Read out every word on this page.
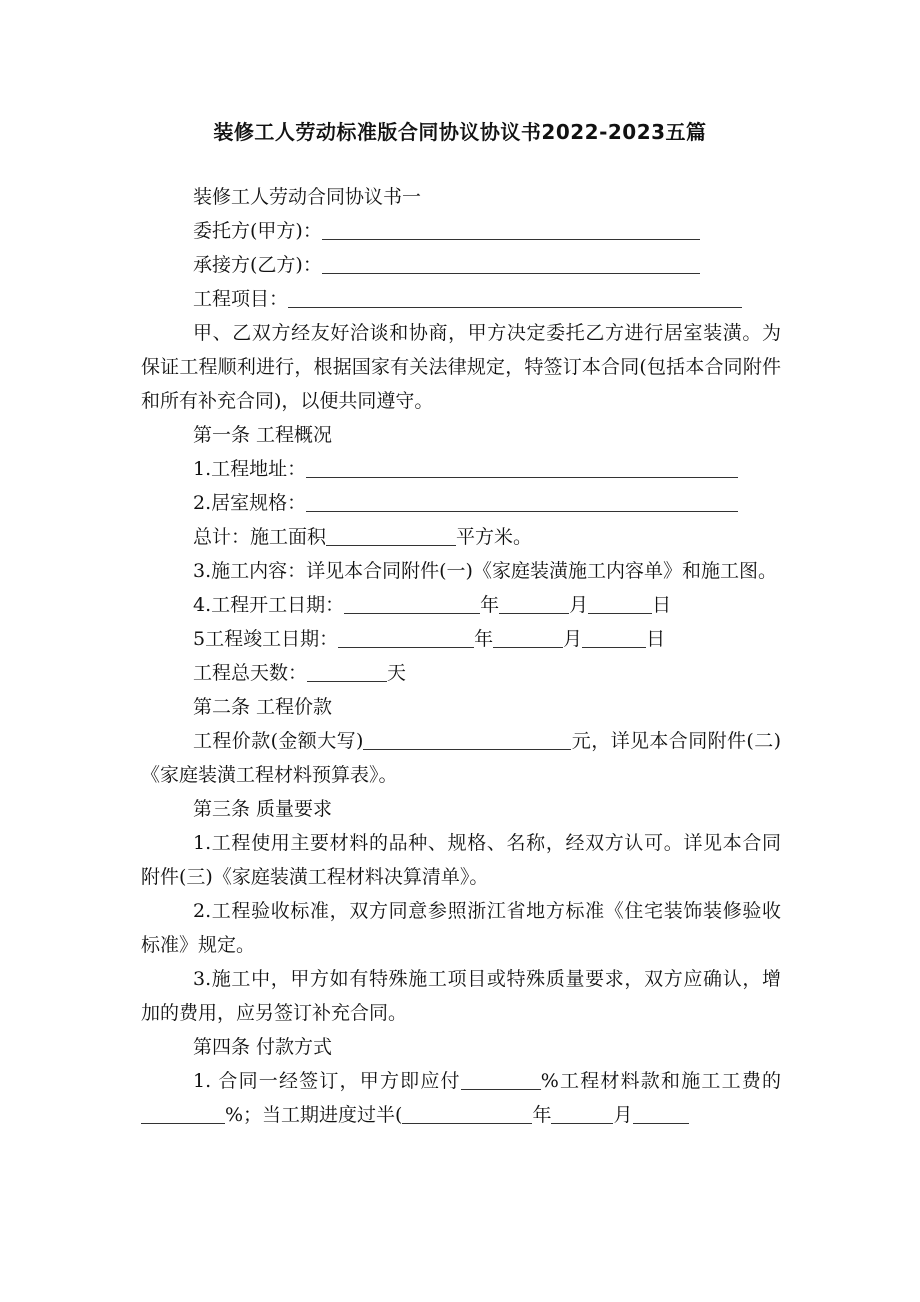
装修工人劳动标准版合同协议协议书2022-2023五篇

装修工人劳动合同协议书一

委托方(甲方)：

承接方(乙方)：

工程项目：

甲、乙双方经友好洽谈和协商，甲方决定委托乙方进行居室装潢。为保证工程顺利进行，根据国家有关法律规定，特签订本合同(包括本合同附件和所有补充合同)，以便共同遵守。

第一条 工程概况

1.工程地址：

2.居室规格：

总计：施工面积	平方米。

3.施工内容：详见本合同附件(一)《家庭装潢施工内容单》和施工图。

4.工程开工日期：	年	月	日

5工程竣工日期：	年	月	日

工程总天数：	天

第二条 工程价款

工程价款(金额大写)	元，详见本合同附件(二)《家庭装潢工程材料预算表》。

第三条 质量要求

1.工程使用主要材料的品种、规格、名称，经双方认可。详见本合同附件(三)《家庭装潢工程材料决算清单》。

2.工程验收标准，双方同意参照浙江省地方标准《住宅装饰装修验收标准》规定。

3.施工中，甲方如有特殊施工项目或特殊质量要求，双方应确认，增加的费用，应另签订补充合同。

第四条 付款方式

1. 合同一经签订，甲方即应付	%工程材料款和施工工费的%；当工期进度过半(	年	月
